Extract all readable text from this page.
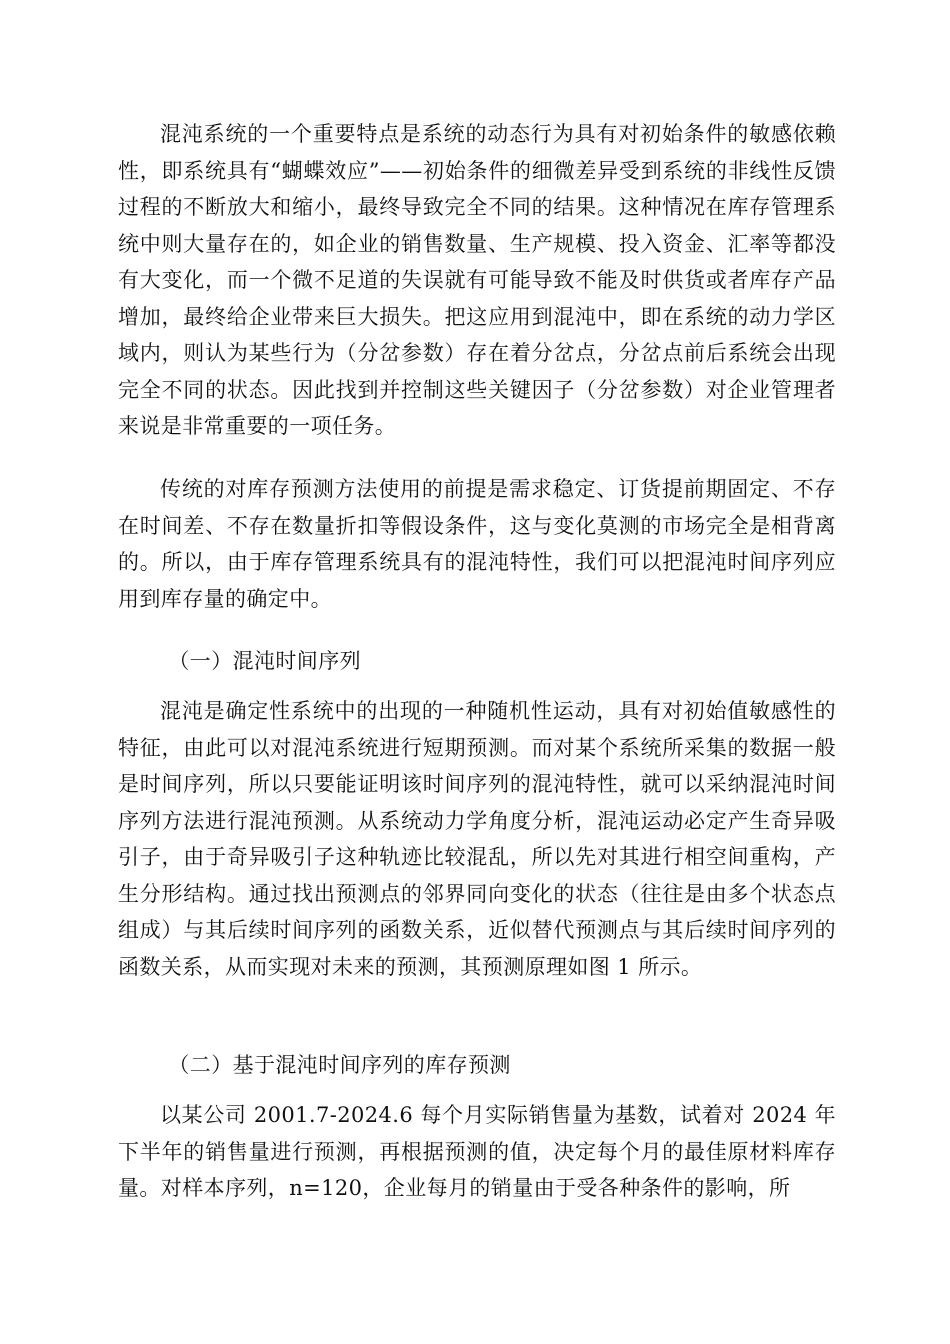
混沌系统的一个重要特点是系统的动态行为具有对初始条件的敏感依赖性，即系统具有“蝴蝶效应”——初始条件的细微差异受到系统的非线性反馈过程的不断放大和缩小，最终导致完全不同的结果。这种情况在库存管理系统中则大量存在的，如企业的销售数量、生产规模、投入资金、汇率等都没有大变化，而一个微不足道的失误就有可能导致不能及时供货或者库存产品增加，最终给企业带来巨大损失。把这应用到混沌中，即在系统的动力学区域内，则认为某些行为（分岔参数）存在着分岔点，分岔点前后系统会出现完全不同的状态。因此找到并控制这些关键因子（分岔参数）对企业管理者来说是非常重要的一项任务。

传统的对库存预测方法使用的前提是需求稳定、订货提前期固定、不存在时间差、不存在数量折扣等假设条件，这与变化莫测的市场完全是相背离的。所以，由于库存管理系统具有的混沌特性，我们可以把混沌时间序列应用到库存量的确定中。

（一）混沌时间序列

混沌是确定性系统中的出现的一种随机性运动，具有对初始值敏感性的特征，由此可以对混沌系统进行短期预测。而对某个系统所采集的数据一般是时间序列，所以只要能证明该时间序列的混沌特性，就可以采纳混沌时间序列方法进行混沌预测。从系统动力学角度分析，混沌运动必定产生奇异吸引子，由于奇异吸引子这种轨迹比较混乱，所以先对其进行相空间重构，产生分形结构。通过找出预测点的邻界同向变化的状态（往往是由多个状态点组成）与其后续时间序列的函数关系，近似替代预测点与其后续时间序列的函数关系，从而实现对未来的预测，其预测原理如图 1 所示。

（二）基于混沌时间序列的库存预测

以某公司 2001.7-2024.6 每个月实际销售量为基数，试着对 2024 年下半年的销售量进行预测，再根据预测的值，决定每个月的最佳原材料库存量。对样本序列，n=120，企业每月的销量由于受各种条件的影响，所
